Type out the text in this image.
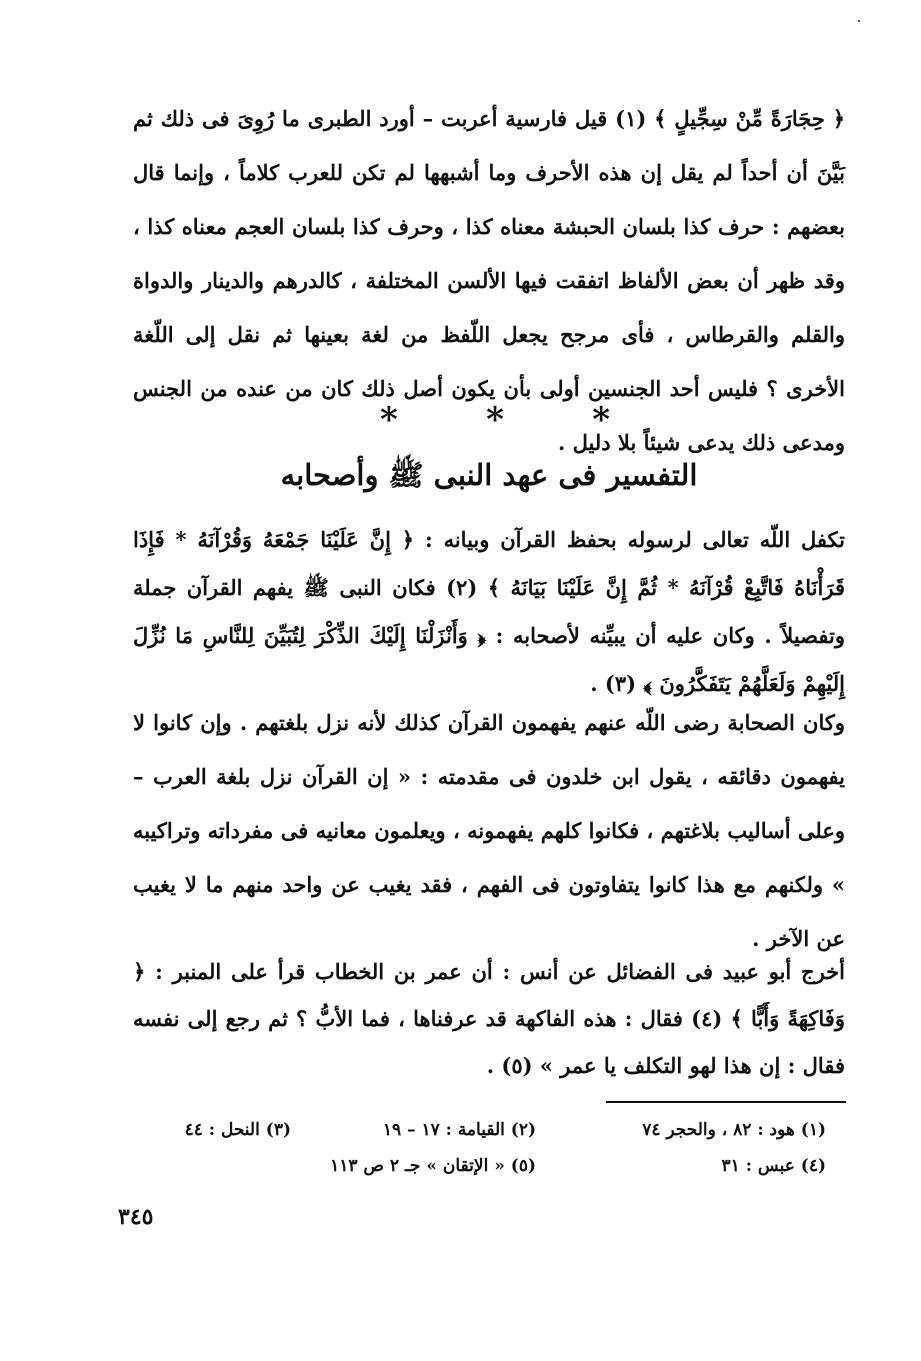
﴿ حِجَارَةً مِّنْ سِجِّيلٍ ﴾ (١) قيل فارسية أعربت – أورد الطبرى ما رُوِىَ فى ذلك ثم بَيَّنَ أن أحداً لم يقل إن هذه الأحرف وما أشبهها لم تكن للعرب كلاماً ، وإنما قال بعضهم : حرف كذا بلسان الحبشة معناه كذا ، وحرف كذا بلسان العجم معناه كذا ، وقد ظهر أن بعض الألفاظ اتفقت فيها الألسن المختلفة ، كالدرهم والدينار والدواة والقلم والقرطاس ، فأى مرجح يجعل اللّفظ من لغة بعينها ثم نقل إلى اللّغة الأخرى ؟ فليس أحد الجنسين أولى بأن يكون أصل ذلك كان من عنده من الجنس ومدعى ذلك يدعى شيئاً بلا دليل .

*
*
*
التفسير فى عهد النبى ﷺ وأصحابه

تكفل اللّه تعالى لرسوله بحفظ القرآن وبيانه : ﴿ إِنَّ عَلَيْنَا جَمْعَهُ وَقُرْآنَهُ * فَإِذَا قَرَأْنَاهُ فَاتَّبِعْ قُرْآنَهُ * ثُمَّ إِنَّ عَلَيْنَا بَيَانَهُ ﴾ (٢) فكان النبى ﷺ يفهم القرآن جملة وتفصيلاً . وكان عليه أن يبيِّنه لأصحابه : ﴿ وَأَنْزَلْنَا إِلَيْكَ الذِّكْرَ لِتُبَيِّنَ لِلنَّاسِ مَا نُزِّلَ إِلَيْهِمْ وَلَعَلَّهُمْ يَتَفَكَّرُونَ ﴾ (٣) .

وكان الصحابة رضى اللّه عنهم يفهمون القرآن كذلك لأنه نزل بلغتهم . وإن كانوا لا يفهمون دقائقه ، يقول ابن خلدون فى مقدمته : « إن القرآن نزل بلغة العرب – وعلى أساليب بلاغتهم ، فكانوا كلهم يفهمونه ، ويعلمون معانيه فى مفرداته وتراكيبه » ولكنهم مع هذا كانوا يتفاوتون فى الفهم ، فقد يغيب عن واحد منهم ما لا يغيب عن الآخر .

أخرج أبو عبيد فى الفضائل عن أنس : أن عمر بن الخطاب قرأ على المنبر : ﴿ وَفَاكِهَةً وَأَبًّا ﴾ (٤) فقال : هذه الفاكهة قد عرفناها ، فما الأبُّ ؟ ثم رجع إلى نفسه فقال : إن هذا لهو التكلف يا عمر » (٥) .

(١) هود : ٨٢ ، والحجر ٧٤
(٢) القيامة : ١٧ – ١٩
(٣) النحل : ٤٤
(٤) عبس : ٣١
(٥) « الإتقان » جـ ٢ ص ١١٣
٣٤٥
